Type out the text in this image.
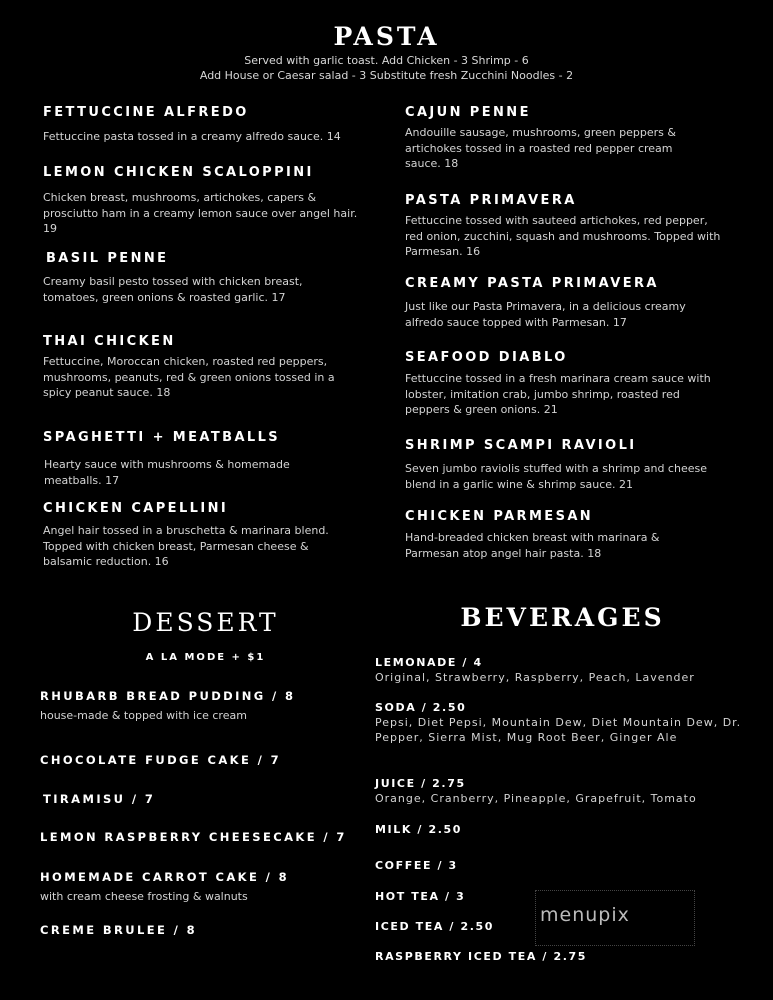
PASTA
Served with garlic toast. Add Chicken - 3 Shrimp - 6
Add House or Caesar salad - 3 Substitute fresh Zucchini Noodles - 2
FETTUCCINE ALFREDO
Fettuccine pasta tossed in a creamy alfredo sauce. 14
LEMON CHICKEN SCALOPPINI
Chicken breast, mushrooms, artichokes, capers & prosciutto ham in a creamy lemon sauce over angel hair. 19
BASIL PENNE
Creamy basil pesto tossed with chicken breast, tomatoes, green onions & roasted garlic. 17
THAI CHICKEN
Fettuccine, Moroccan chicken, roasted red peppers, mushrooms, peanuts, red & green onions tossed in a spicy peanut sauce. 18
SPAGHETTI + MEATBALLS
Hearty sauce with mushrooms & homemade meatballs. 17
CHICKEN CAPELLINI
Angel hair tossed in a bruschetta & marinara blend. Topped with chicken breast, Parmesan cheese & balsamic reduction. 16
CAJUN PENNE
Andouille sausage, mushrooms, green peppers & artichokes tossed in a roasted red pepper cream sauce. 18
PASTA PRIMAVERA
Fettuccine tossed with sauteed artichokes, red pepper, red onion, zucchini, squash and mushrooms. Topped with Parmesan. 16
CREAMY PASTA PRIMAVERA
Just like our Pasta Primavera, in a delicious creamy alfredo sauce topped with Parmesan. 17
SEAFOOD DIABLO
Fettuccine tossed in a fresh marinara cream sauce with lobster, imitation crab, jumbo shrimp, roasted red peppers & green onions. 21
SHRIMP SCAMPI RAVIOLI
Seven jumbo raviolis stuffed with a shrimp and cheese blend in a garlic wine & shrimp sauce. 21
CHICKEN PARMESAN
Hand-breaded chicken breast with marinara & Parmesan atop angel hair pasta. 18
DESSERT
A LA MODE + $1
RHUBARB BREAD PUDDING / 8
house-made & topped with ice cream
CHOCOLATE FUDGE CAKE / 7
TIRAMISU / 7
LEMON RASPBERRY CHEESECAKE / 7
HOMEMADE CARROT CAKE / 8
with cream cheese frosting & walnuts
CREME BRULEE / 8
BEVERAGES
LEMONADE / 4
Original, Strawberry, Raspberry, Peach, Lavender
SODA / 2.50
Pepsi, Diet Pepsi, Mountain Dew, Diet Mountain Dew, Dr. Pepper, Sierra Mist, Mug Root Beer, Ginger Ale
JUICE / 2.75
Orange, Cranberry, Pineapple, Grapefruit, Tomato
MILK / 2.50
COFFEE / 3
HOT TEA / 3
ICED TEA / 2.50
RASPBERRY ICED TEA / 2.75
menupix
